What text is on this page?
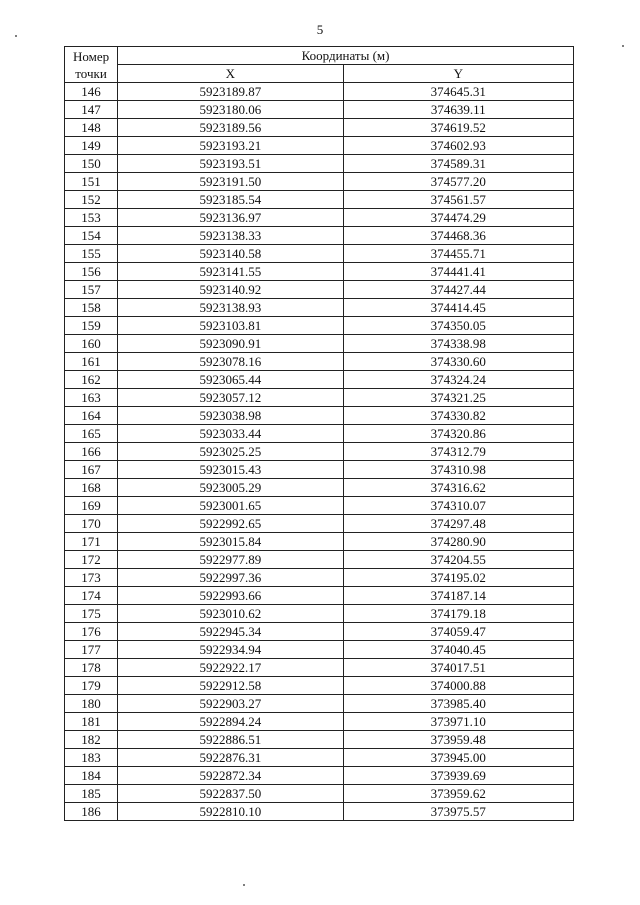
5
Номер
точки	Координаты (м)	
	X	Y
146	5923189.87	374645.31
147	5923180.06	374639.11
148	5923189.56	374619.52
149	5923193.21	374602.93
150	5923193.51	374589.31
151	5923191.50	374577.20
152	5923185.54	374561.57
153	5923136.97	374474.29
154	5923138.33	374468.36
155	5923140.58	374455.71
156	5923141.55	374441.41
157	5923140.92	374427.44
158	5923138.93	374414.45
159	5923103.81	374350.05
160	5923090.91	374338.98
161	5923078.16	374330.60
162	5923065.44	374324.24
163	5923057.12	374321.25
164	5923038.98	374330.82
165	5923033.44	374320.86
166	5923025.25	374312.79
167	5923015.43	374310.98
168	5923005.29	374316.62
169	5923001.65	374310.07
170	5922992.65	374297.48
171	5923015.84	374280.90
172	5922977.89	374204.55
173	5922997.36	374195.02
174	5922993.66	374187.14
175	5923010.62	374179.18
176	5922945.34	374059.47
177	5922934.94	374040.45
178	5922922.17	374017.51
179	5922912.58	374000.88
180	5922903.27	373985.40
181	5922894.24	373971.10
182	5922886.51	373959.48
183	5922876.31	373945.00
184	5922872.34	373939.69
185	5922837.50	373959.62
186	5922810.10	373975.57
